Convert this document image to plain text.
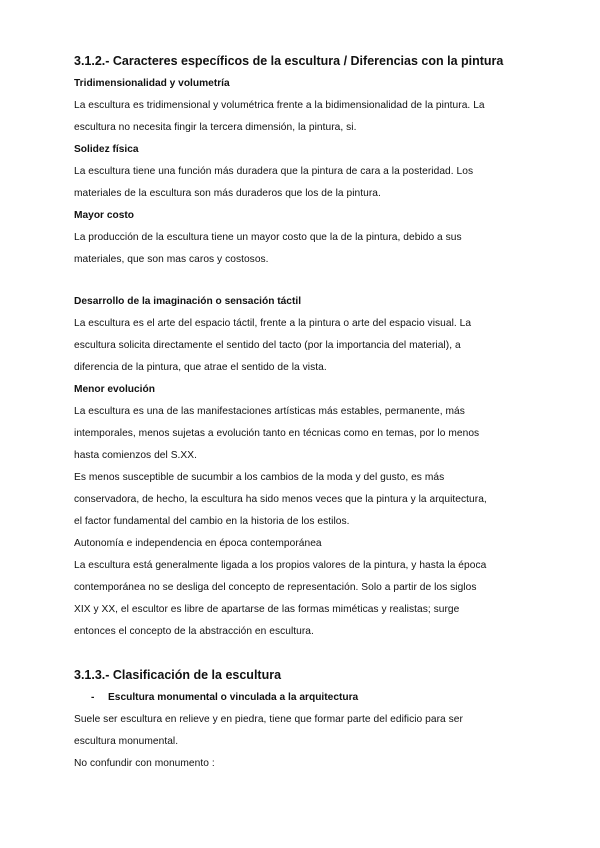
3.1.2.- Caracteres específicos de la escultura / Diferencias con la pintura
Tridimensionalidad y volumetría
La escultura es tridimensional y volumétrica frente a la bidimensionalidad de la pintura. La
escultura no necesita fingir la tercera dimensión, la pintura, si.
Solidez física
La escultura tiene una función más duradera que la pintura de cara a la posteridad. Los
materiales de la escultura son más duraderos que los de la pintura.
Mayor costo
La producción de la escultura tiene un mayor costo que la de la pintura, debido a sus
materiales, que son mas caros y costosos.
Desarrollo de la imaginación o sensación táctil
La escultura es el arte del espacio táctil, frente a la pintura o arte del espacio visual. La
escultura solicita directamente el sentido del tacto (por la importancia del material), a
diferencia de la pintura, que atrae el sentido de la vista.
Menor evolución
La escultura es una de las manifestaciones artísticas más estables, permanente, más
intemporales, menos sujetas a evolución tanto en técnicas como en temas, por lo menos
hasta comienzos del S.XX.
Es menos susceptible de sucumbir a los cambios de la moda y del gusto, es más
conservadora, de hecho, la escultura ha sido menos veces que la pintura y la arquitectura,
el factor fundamental del cambio en la historia de los estilos.
Autonomía e independencia en época contemporánea
La escultura está generalmente ligada a los propios valores de la pintura, y hasta la época
contemporánea no se desliga del concepto de representación. Solo a partir de los siglos
XIX y XX, el escultor es libre de apartarse de las formas miméticas y realistas; surge
entonces el concepto de la abstracción en escultura.
3.1.3.- Clasificación de la escultura
- Escultura monumental o vinculada a la arquitectura
Suele ser escultura en relieve y en piedra, tiene que formar parte del edificio para ser
escultura monumental.
No confundir con monumento :
